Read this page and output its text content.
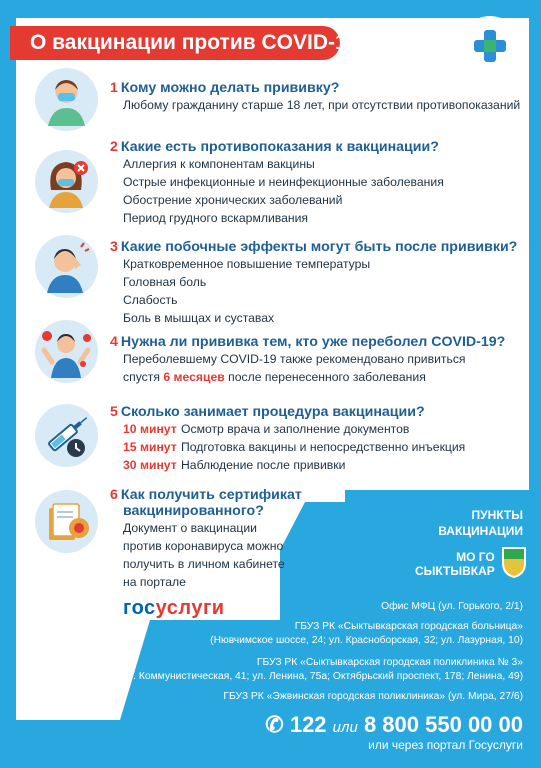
О вакцинации против COVID-19
1 Кому можно делать прививку?
Любому гражданину старше 18 лет, при отсутствии противопоказаний
2 Какие есть противопоказания к вакцинации?
Аллергия к компонентам вакцины
Острые инфекционные и неинфекционные заболевания
Обострение хронических заболеваний
Период грудного вскармливания
3 Какие побочные эффекты могут быть после прививки?
Кратковременное повышение температуры
Головная боль
Слабость
Боль в мышцах и суставах
4 Нужна ли прививка тем, кто уже переболел COVID-19?
Переболевшему COVID-19 также рекомендовано привиться
спустя 6 месяцев после перенесенного заболевания
5 Сколько занимает процедура вакцинации?
10 минут Осмотр врача и заполнение документов
15 минут Подготовка вакцины и непосредственно инъекция
30 минут Наблюдение после прививки
6 Как получить сертификат
вакцинированного?
Документ о вакцинации
против коронавируса можно
получить в личном кабинете
на портале
госуслуги
ПУНКТЫ
ВАКЦИНАЦИИ
МО ГО
СЫКТЫВКАР
Офис МФЦ (ул. Горького, 2/1)
ГБУЗ РК «Сыктывкарская городская больница»
(Нювчимское шоссе, 24; ул. Красноборская, 32; ул. Лазурная, 10)
ГБУЗ РК «Сыктывкарская городская поликлиника № 3»
(ул. Коммунистическая, 41; ул. Ленина, 75а; Октябрьский проспект, 178; Ленина, 49)
ГБУЗ РК «Эжвинская городская поликлиника» (ул. Мира, 27/6)
✆ 122 или 8 800 550 00 00
или через портал Госуслуги
